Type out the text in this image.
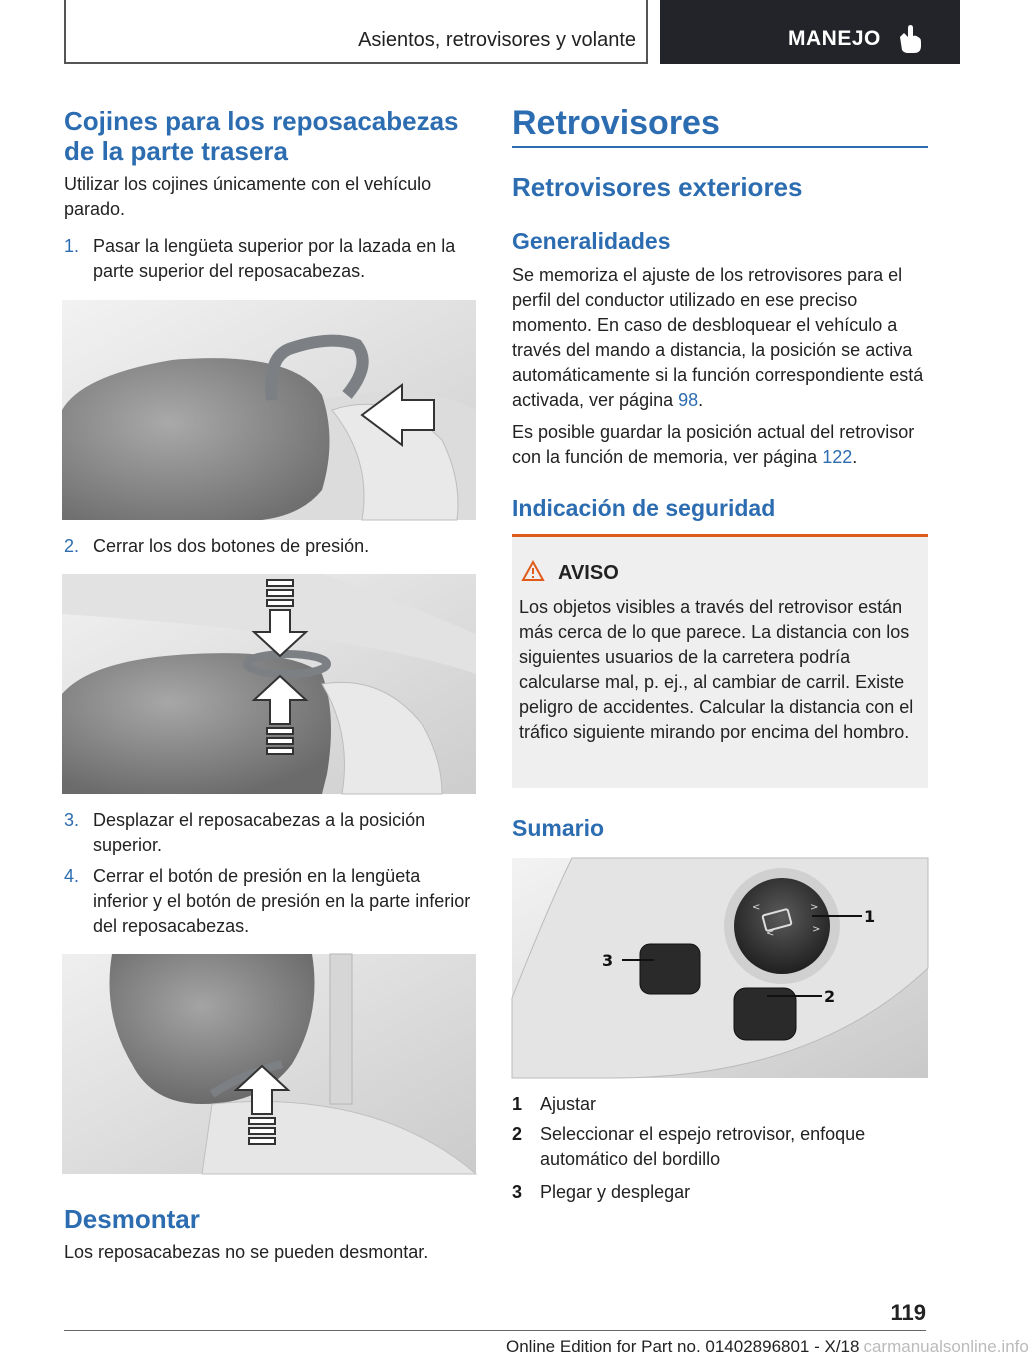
Asientos, retrovisores y volante	MANEJO
Cojines para los reposacabezas de la parte trasera
Utilizar los cojines únicamente con el vehículo parado.
1. Pasar la lengüeta superior por la lazada en la parte superior del reposacabezas.
2. Cerrar los dos botones de presión.
3. Desplazar el reposacabezas a la posición superior.
4. Cerrar el botón de presión en la lengüeta inferior y el botón de presión en la parte inferior del reposacabezas.
Desmontar
Los reposacabezas no se pueden desmontar.
Retrovisores
Retrovisores exteriores
Generalidades
Se memoriza el ajuste de los retrovisores para el perfil del conductor utilizado en ese preciso momento. En caso de desbloquear el vehículo a través del mando a distancia, la posición se activa automáticamente si la función correspondiente está activada, ver página 98.
Es posible guardar la posición actual del retrovisor con la función de memoria, ver página 122.
Indicación de seguridad
AVISO
Los objetos visibles a través del retrovisor están más cerca de lo que parece. La distancia con los siguientes usuarios de la carretera podría calcularse mal, p. ej., al cambiar de carril. Existe peligro de accidentes. Calcular la distancia con el tráfico siguiente mirando por encima del hombro.
Sumario
<	>
<	>
1
2
3
1 Ajustar
2 Seleccionar el espejo retrovisor, enfoque automático del bordillo
3 Plegar y desplegar
119
Online Edition for Part no. 01402896801 - X/18 carmanualsonline.info
